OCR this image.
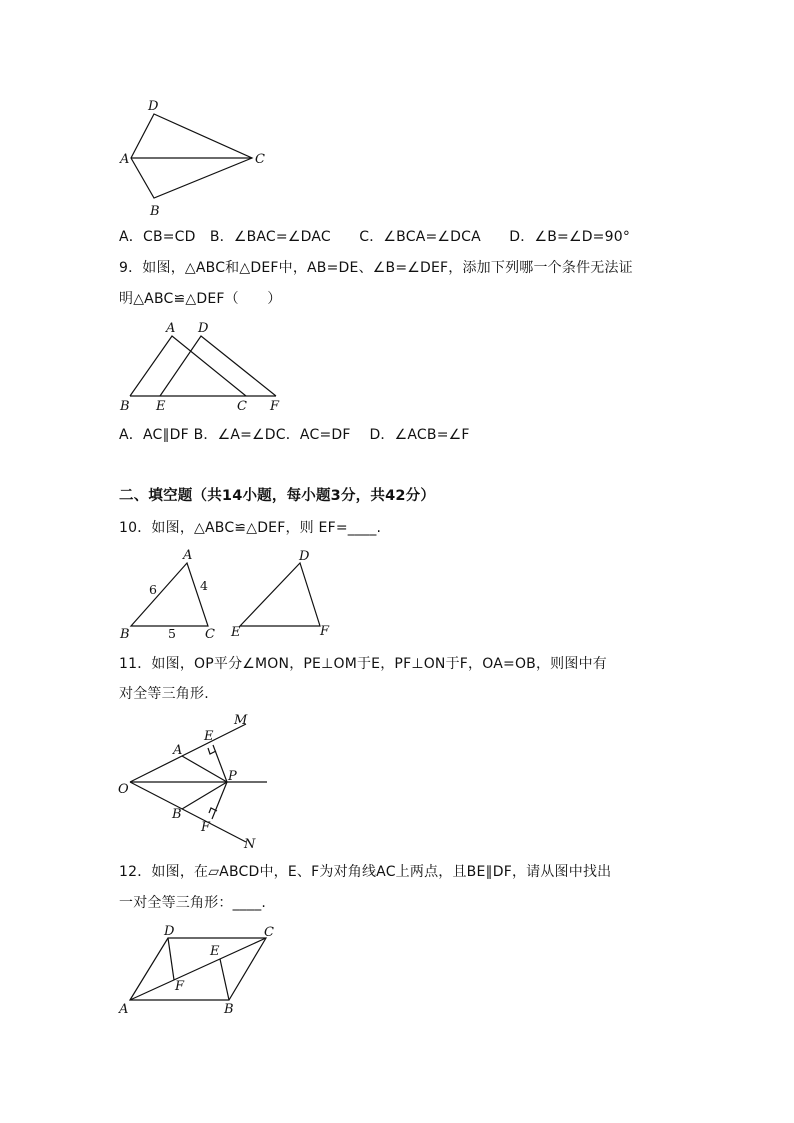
D
A	C
B
A．CB=CD　B．∠BAC=∠DAC　　C．∠BCA=∠DCA　　D．∠B=∠D=90°
9．如图，△ABC和△DEF中，AB=DE、∠B=∠DEF，添加下列哪一个条件无法证
明△ABC≌△DEF（　　）
A D
B E	C F
A．AC∥DF B．∠A=∠DC．AC=DF　 D．∠ACB=∠F
二、填空题（共14小题，每小题3分，共42分）
10．如图，△ABC≌△DEF，则 EF=____.
A
B	C
D
E	F
6	4
5
11．如图，OP平分∠MON，PE⊥OM于E，PF⊥ON于F，OA=OB，则图中有
对全等三角形.
O
A
E
M
P
B
F
N
12．如图，在▱ABCD中，E、F为对角线AC上两点，且BE∥DF，请从图中找出
一对全等三角形：____.
D	C
E
F
A	B
